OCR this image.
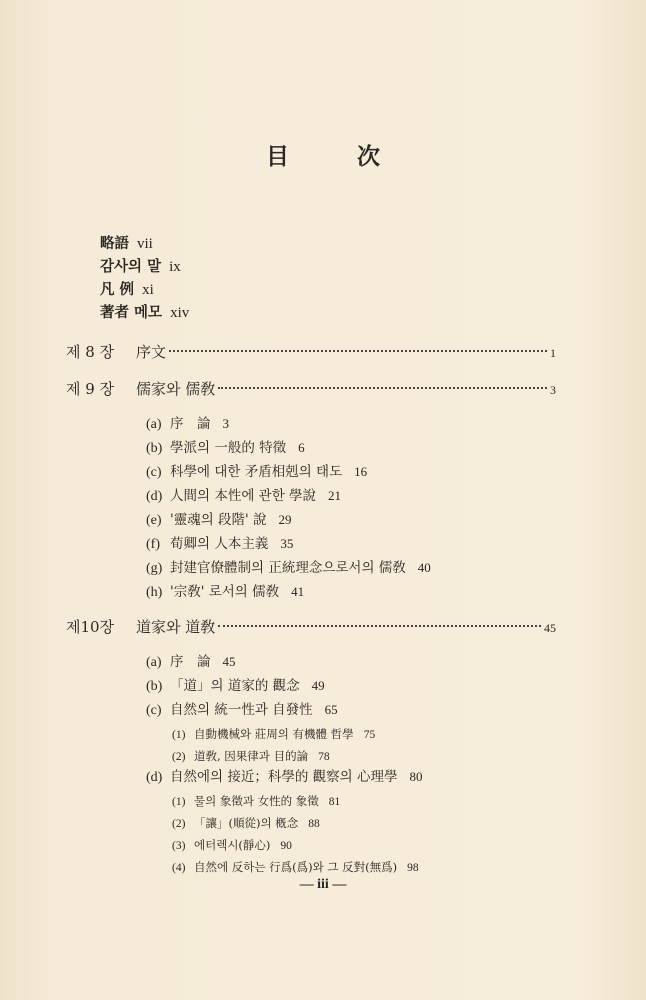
目 次
略語 vii
감사의 말 ix
凡 例 xi
著者 메모 xiv
제 8 장	序文	1
제 9 장	儒家와 儒敎	3
(a) 序　論 3
(b) 學派의 一般的 特徵 6
(c) 科學에 대한 矛盾相剋의 태도 16
(d) 人間의 本性에 관한 學說 21
(e) '靈魂의 段階' 說 29
(f) 荀卿의 人本主義 35
(g) 封建官僚體制의 正統理念으로서의 儒敎 40
(h) '宗敎' 로서의 儒敎 41
제10장	道家와 道敎	45
(a) 序　論 45
(b) 「道」의 道家的 觀念 49
(c) 自然의 統一性과 自發性 65
(1) 自動機械와 莊周의 有機體 哲學 75
(2) 道敎, 因果律과 目的論 78
(d) 自然에의 接近；科學的 觀察의 心理學 80
(1) 물의 象徵과 女性的 象徵 81
(2) 「讓」(順從)의 槪念 88
(3) 에터렉시(靜心) 90
(4) 自然에 反하는 行爲(爲)와 그 反對(無爲) 98
— iii —
